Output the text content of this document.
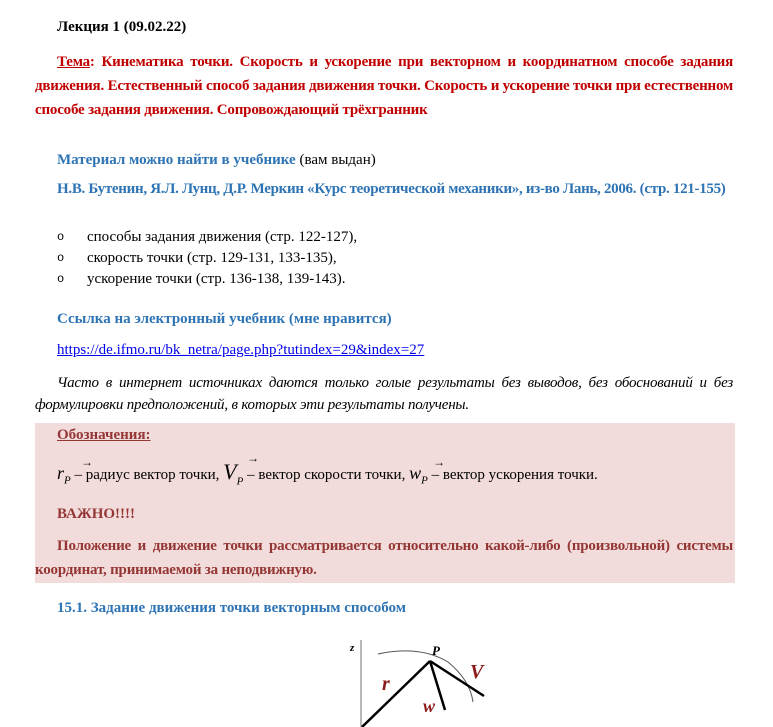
Лекция 1 (09.02.22)

Тема: Кинематика точки. Скорость и ускорение при векторном и координатном способе задания движения. Естественный способ задания движения точки. Скорость и ускорение точки при естественном способе задания движения. Сопровождающий трёхгранник

Материал можно найти в учебнике (вам выдан)

Н.В. Бутенин, Я.Л. Лунц, Д.Р. Меркин «Курс теоретической механики», из-во Лань, 2006. (стр. 121-155)

o способы задания движения (стр. 122-127),
o скорость точки (стр. 129-131, 133-135),
o ускорение точки (стр. 136-138, 139-143).

Ссылка на электронный учебник (мне нравится)

https://de.ifmo.ru/bk_netra/page.php?tutindex=29&index=27

Часто в интернет источниках даются только голые результаты без выводов, без обоснований и без формулировки предположений, в которых эти результаты получены.

Обозначения:

→
$r_P$ – радиус вектор точки,
→
$V_P$ – вектор скорости точки,
→
$w_P$ – вектор ускорения точки.

ВАЖНО!!!!

Положение и движение точки рассматривается относительно какой-либо (произвольной) системы координат, принимаемой за неподвижную.

15.1. Задание движения точки векторным способом

z	P
r
w
V
